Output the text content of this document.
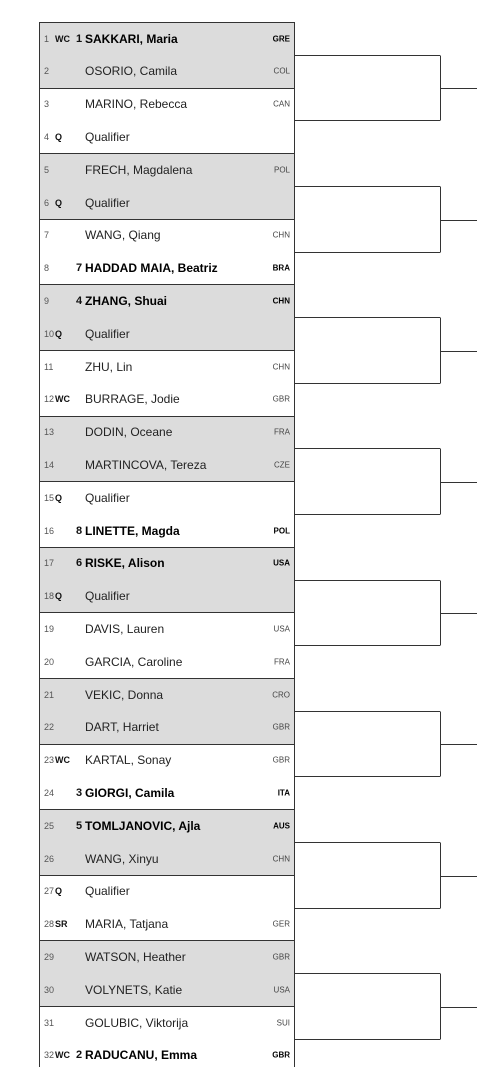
1 WC 1 SAKKARI, Maria	GRE
2	OSORIO, Camila	COL
3	MARINO, Rebecca	CAN
4 Q Qualifier
5	FRECH, Magdalena	POL
6 Q Qualifier
7	WANG, Qiang	CHN
8 7 HADDAD MAIA, Beatriz	BRA
9 4 ZHANG, Shuai	CHN
10 Q Qualifier
11	ZHU, Lin	CHN
12 WC BURRAGE, Jodie	GBR
13	DODIN, Oceane	FRA
14	MARTINCOVA, Tereza	CZE
15 Q Qualifier
16 8 LINETTE, Magda	POL
17 6 RISKE, Alison	USA
18 Q Qualifier
19	DAVIS, Lauren	USA
20	GARCIA, Caroline	FRA
21	VEKIC, Donna	CRO
22	DART, Harriet	GBR
23 WC KARTAL, Sonay	GBR
24 3 GIORGI, Camila	ITA
25 5 TOMLJANOVIC, Ajla	AUS
26	WANG, Xinyu	CHN
27 Q Qualifier
28 SR MARIA, Tatjana	GER
29	WATSON, Heather	GBR
30	VOLYNETS, Katie	USA
31	GOLUBIC, Viktorija	SUI
32 WC 2 RADUCANU, Emma	GBR
